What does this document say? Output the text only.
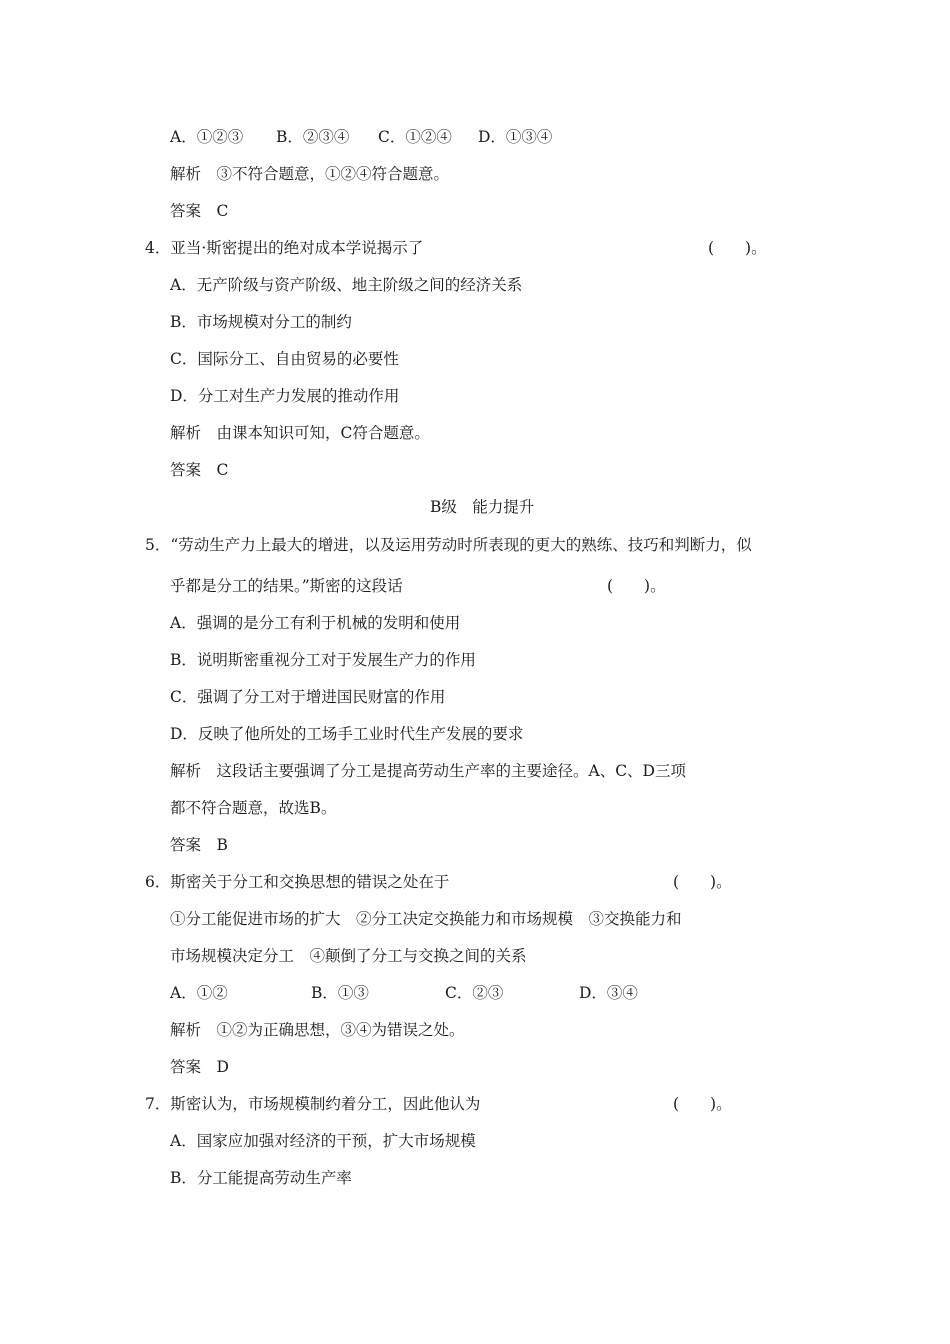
A．①②③ B．②③④ C．①②④ D．①③④
解析　③不符合题意，①②④符合题意。
答案　C
4．亚当·斯密提出的绝对成本学说揭示了	(　　)。
A．无产阶级与资产阶级、地主阶级之间的经济关系
B．市场规模对分工的制约
C．国际分工、自由贸易的必要性
D．分工对生产力发展的推动作用
解析　由课本知识可知，C符合题意。
答案　C
B级　能力提升
5．“劳动生产力上最大的增进，以及运用劳动时所表现的更大的熟练、技巧和判断力，似
乎都是分工的结果。”斯密的这段话	(　　)。
A．强调的是分工有利于机械的发明和使用
B．说明斯密重视分工对于发展生产力的作用
C．强调了分工对于增进国民财富的作用
D．反映了他所处的工场手工业时代生产发展的要求
解析　这段话主要强调了分工是提高劳动生产率的主要途径。A、C、D三项
都不符合题意，故选B。
答案　B
6．斯密关于分工和交换思想的错误之处在于	(　　)。
①分工能促进市场的扩大　②分工决定交换能力和市场规模　③交换能力和
市场规模决定分工　④颠倒了分工与交换之间的关系
A．①②	B．①③	C．②③	D．③④
解析　①②为正确思想，③④为错误之处。
答案　D
7．斯密认为，市场规模制约着分工，因此他认为	(　　)。
A．国家应加强对经济的干预，扩大市场规模
B．分工能提高劳动生产率
